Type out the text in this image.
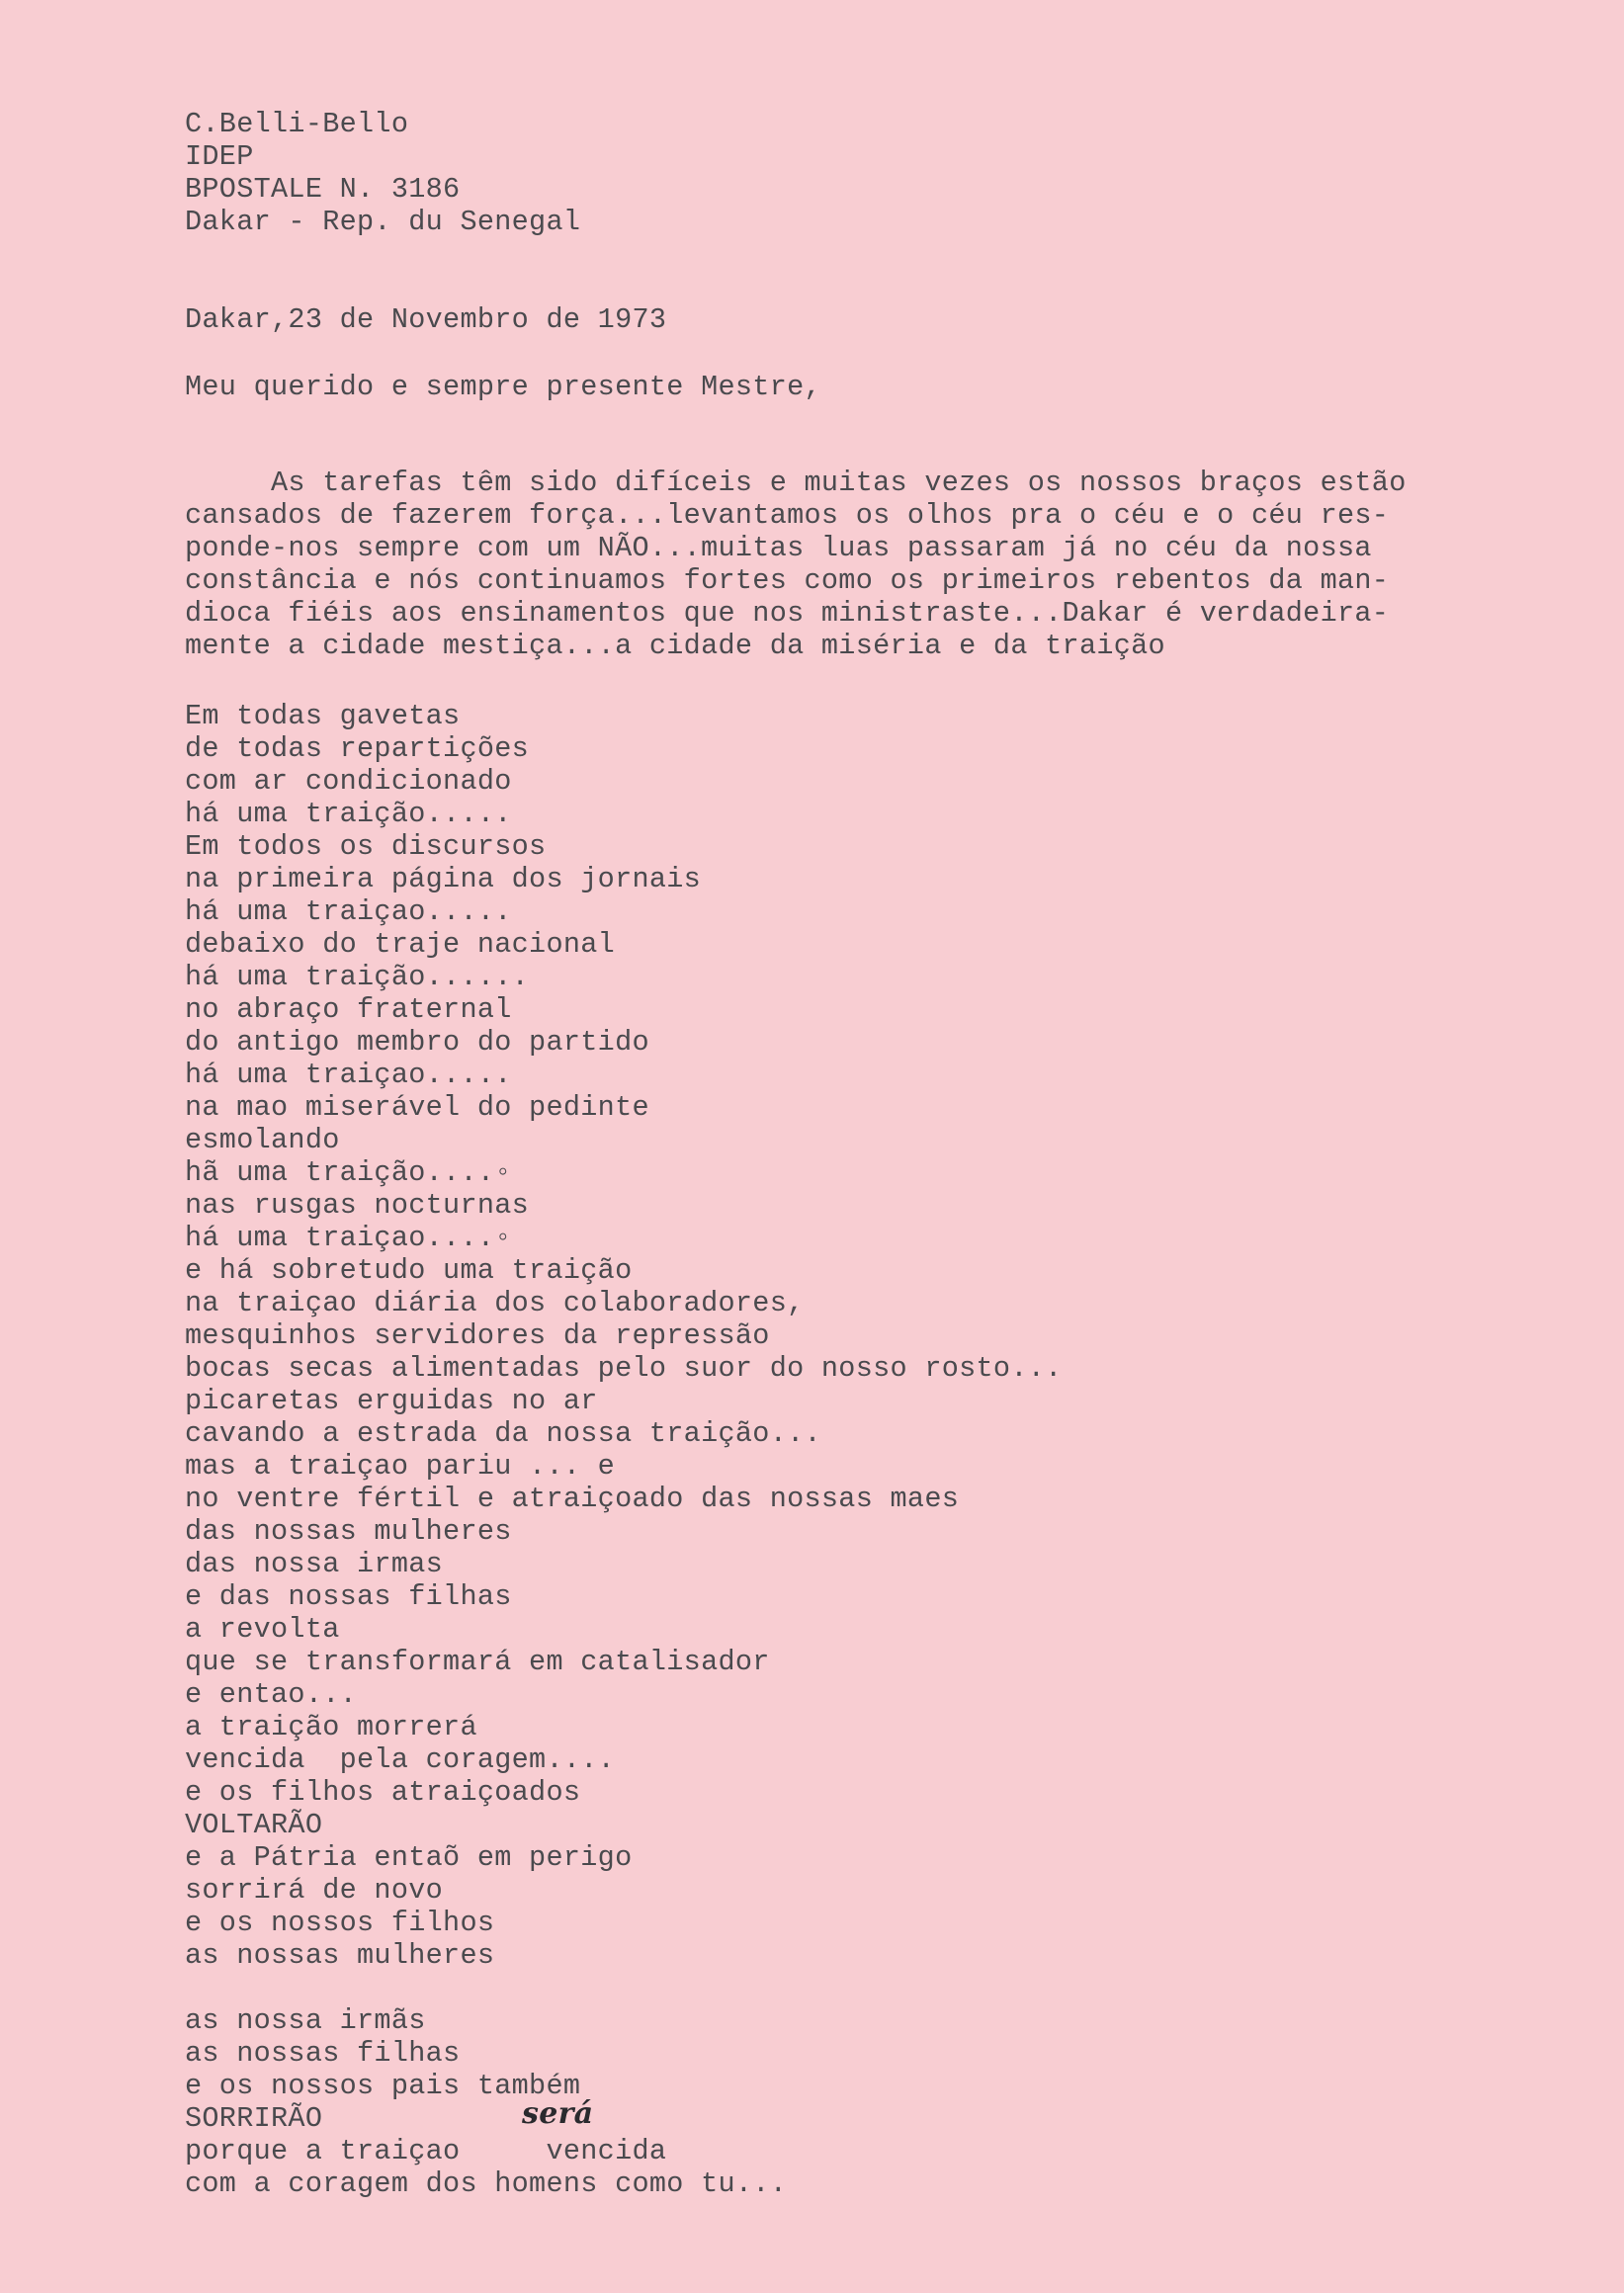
C.Belli-Bello
IDEP
BPOSTALE N. 3186
Dakar - Rep. du Senegal
Dakar,23 de Novembro de 1973
Meu querido e sempre presente Mestre,
As tarefas têm sido difíceis e muitas vezes os nossos braços estão
cansados de fazerem força...levantamos os olhos pra o céu e o céu res-
ponde-nos sempre com um NÃO...muitas luas passaram já no céu da nossa
constância e nós continuamos fortes como os primeiros rebentos da man-
dioca fiéis aos ensinamentos que nos ministraste...Dakar é verdadeira-
mente a cidade mestiça...a cidade da miséria e da traição
Em todas gavetas
de todas repartições
com ar condicionado
há uma traição.....
Em todos os discursos
na primeira página dos jornais
há uma traiçao.....
debaixo do traje nacional
há uma traição......
no abraço fraternal
do antigo membro do partido
há uma traiçao.....
na mao miserável do pedinte
esmolando
hã uma traição....◦
nas rusgas nocturnas
há uma traiçao....◦
e há sobretudo uma traição
na traiçao diária dos colaboradores,
mesquinhos servidores da repressão
bocas secas alimentadas pelo suor do nosso rosto...
picaretas erguidas no ar
cavando a estrada da nossa traição...
mas a traiçao pariu ... e
no ventre fértil e atraiçoado das nossas maes
das nossas mulheres
das nossa irmas
e das nossas filhas
a revolta
que se transformará em catalisador
e entao...
a traição morrerá
vencida  pela coragem....
e os filhos atraiçoados
VOLTARÃO
e a Pátria entaõ em perigo
sorrirá de novo
e os nossos filhos
as nossas mulheres
as nossa irmãs
as nossas filhas
e os nossos pais também
SORRIRÃO
porque a traiçao     vencida
com a coragem dos homens como tu...
será
